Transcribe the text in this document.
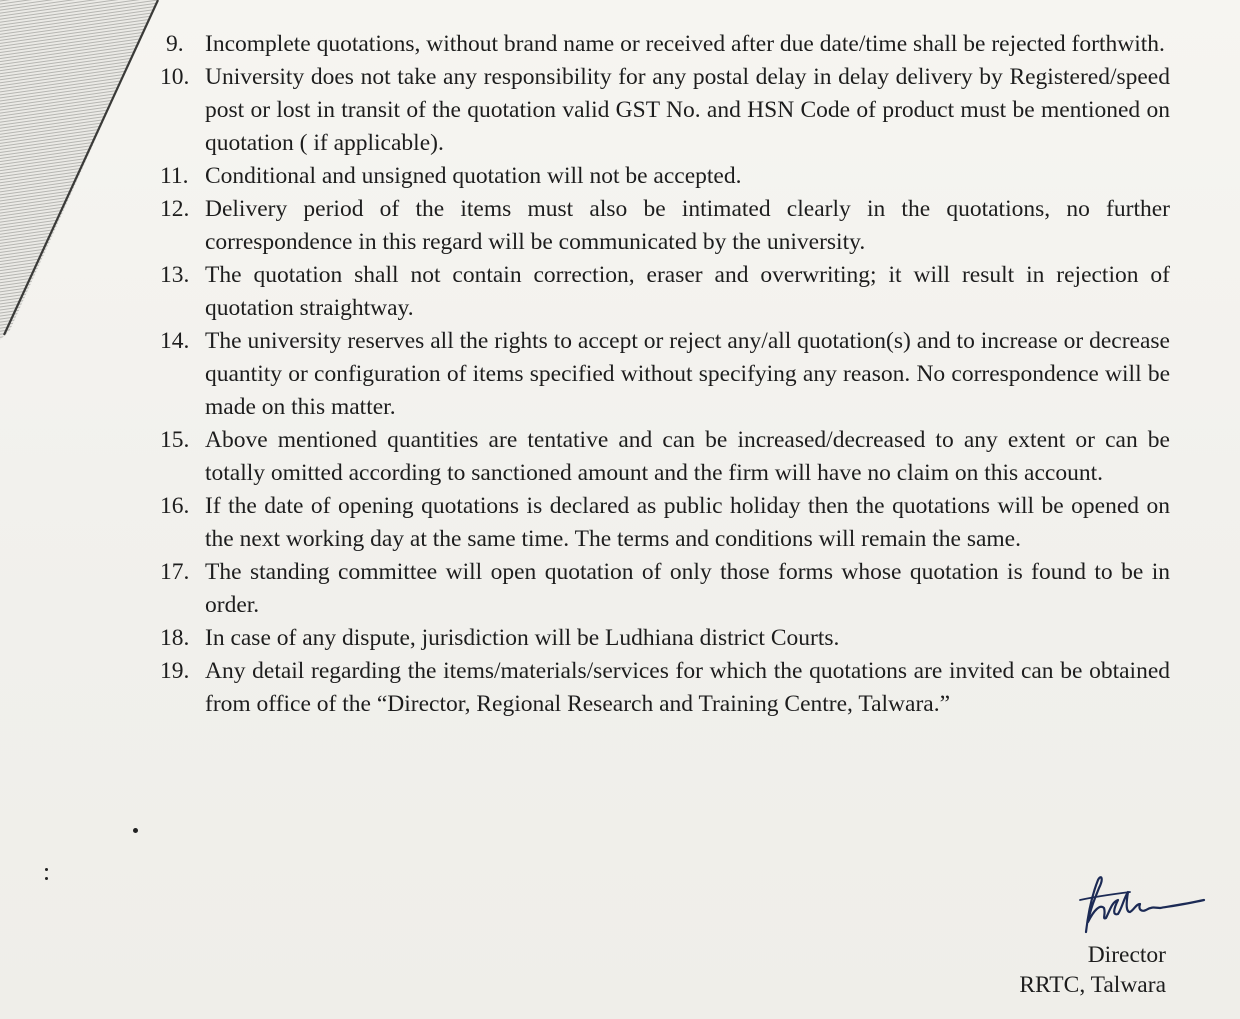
9. Incomplete quotations, without brand name or received after due date/time shall be rejected forthwith.
10. University does not take any responsibility for any postal delay in delay delivery by Registered/speed post or lost in transit of the quotation valid GST No. and HSN Code of product must be mentioned on quotation ( if applicable).
11. Conditional and unsigned quotation will not be accepted.
12. Delivery period of the items must also be intimated clearly in the quotations, no further correspondence in this regard will be communicated by the university.
13. The quotation shall not contain correction, eraser and overwriting; it will result in rejection of quotation straightway.
14. The university reserves all the rights to accept or reject any/all quotation(s) and to increase or decrease quantity or configuration of items specified without specifying any reason. No correspondence will be made on this matter.
15. Above mentioned quantities are tentative and can be increased/decreased to any extent or can be totally omitted according to sanctioned amount and the firm will have no claim on this account.
16. If the date of opening quotations is declared as public holiday then the quotations will be opened on the next working day at the same time. The terms and conditions will remain the same.
17. The standing committee will open quotation of only those forms whose quotation is found to be in order.
18. In case of any dispute, jurisdiction will be Ludhiana district Courts.
19. Any detail regarding the items/materials/services for which the quotations are invited can be obtained from office of the “Director, Regional Research and Training Centre, Talwara.”
Director
RRTC, Talwara
